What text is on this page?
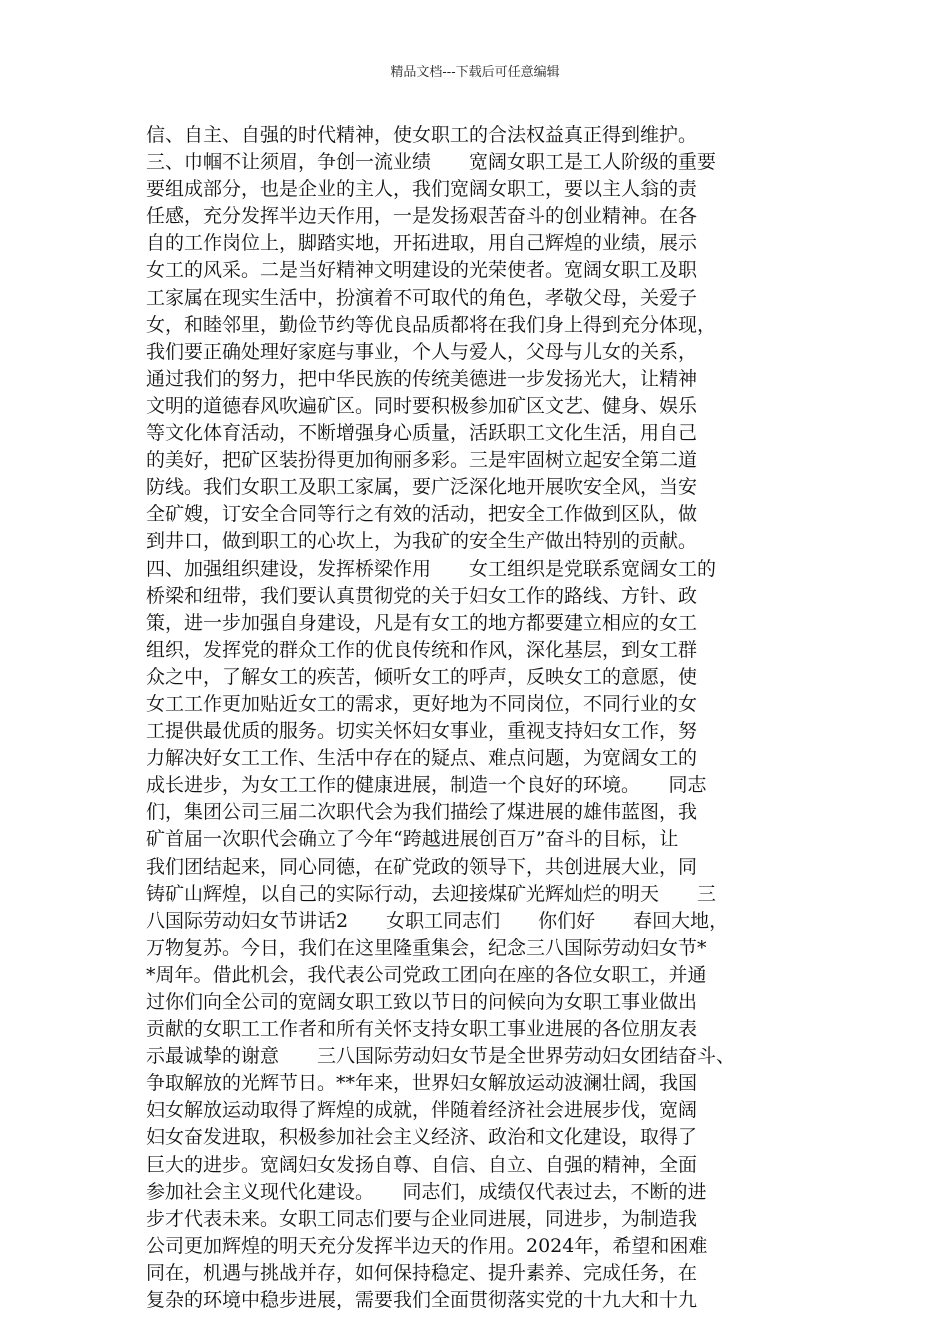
精品文档---下载后可任意编辑
信、自主、自强的时代精神，使女职工的合法权益真正得到维护。
三、巾帼不让须眉，争创一流业绩　　宽阔女职工是工人阶级的重要
要组成部分，也是企业的主人，我们宽阔女职工，要以主人翁的责
任感，充分发挥半边天作用，一是发扬艰苦奋斗的创业精神。在各
自的工作岗位上，脚踏实地，开拓进取，用自己辉煌的业绩，展示
女工的风采。二是当好精神文明建设的光荣使者。宽阔女职工及职
工家属在现实生活中，扮演着不可取代的角色，孝敬父母，关爱子
女，和睦邻里，勤俭节约等优良品质都将在我们身上得到充分体现，
我们要正确处理好家庭与事业，个人与爱人，父母与儿女的关系，
通过我们的努力，把中华民族的传统美德进一步发扬光大，让精神
文明的道德春风吹遍矿区。同时要积极参加矿区文艺、健身、娱乐
等文化体育活动，不断增强身心质量，活跃职工文化生活，用自己
的美好，把矿区装扮得更加徇丽多彩。三是牢固树立起安全第二道
防线。我们女职工及职工家属，要广泛深化地开展吹安全风，当安
全矿嫂，订安全合同等行之有效的活动，把安全工作做到区队，做
到井口，做到职工的心坎上，为我矿的安全生产做出特别的贡献。
四、加强组织建设，发挥桥梁作用　　女工组织是党联系宽阔女工的
桥梁和纽带，我们要认真贯彻党的关于妇女工作的路线、方针、政
策，进一步加强自身建设，凡是有女工的地方都要建立相应的女工
组织，发挥党的群众工作的优良传统和作风，深化基层，到女工群
众之中，了解女工的疾苦，倾听女工的呼声，反映女工的意愿，使
女工工作更加贴近女工的需求，更好地为不同岗位，不同行业的女
工提供最优质的服务。切实关怀妇女事业，重视支持妇女工作，努
力解决好女工工作、生活中存在的疑点、难点问题，为宽阔女工的
成长进步，为女工工作的健康进展，制造一个良好的环境。　　同志
们，集团公司三届二次职代会为我们描绘了煤进展的雄伟蓝图，我
矿首届一次职代会确立了今年“跨越进展创百万”奋斗的目标，让
我们团结起来，同心同德，在矿党政的领导下，共创进展大业，同
铸矿山辉煌，以自己的实际行动，去迎接煤矿光辉灿烂的明天　　三
八国际劳动妇女节讲话2　　女职工同志们　　你们好　　春回大地，
万物复苏。今日，我们在这里隆重集会，纪念三八国际劳动妇女节*
*周年。借此机会，我代表公司党政工团向在座的各位女职工，并通
过你们向全公司的宽阔女职工致以节日的问候向为女职工事业做出
贡献的女职工工作者和所有关怀支持女职工事业进展的各位朋友表
示最诚挚的谢意　　三八国际劳动妇女节是全世界劳动妇女团结奋斗、
争取解放的光辉节日。**年来，世界妇女解放运动波澜壮阔，我国
妇女解放运动取得了辉煌的成就，伴随着经济社会进展步伐，宽阔
妇女奋发进取，积极参加社会主义经济、政治和文化建设，取得了
巨大的进步。宽阔妇女发扬自尊、自信、自立、自强的精神，全面
参加社会主义现代化建设。　　同志们，成绩仅代表过去，不断的进
步才代表未来。女职工同志们要与企业同进展，同进步，为制造我
公司更加辉煌的明天充分发挥半边天的作用。2024年，希望和困难
同在，机遇与挑战并存，如何保持稳定、提升素养、完成任务，在
复杂的环境中稳步进展，需要我们全面贯彻落实党的十九大和十九
